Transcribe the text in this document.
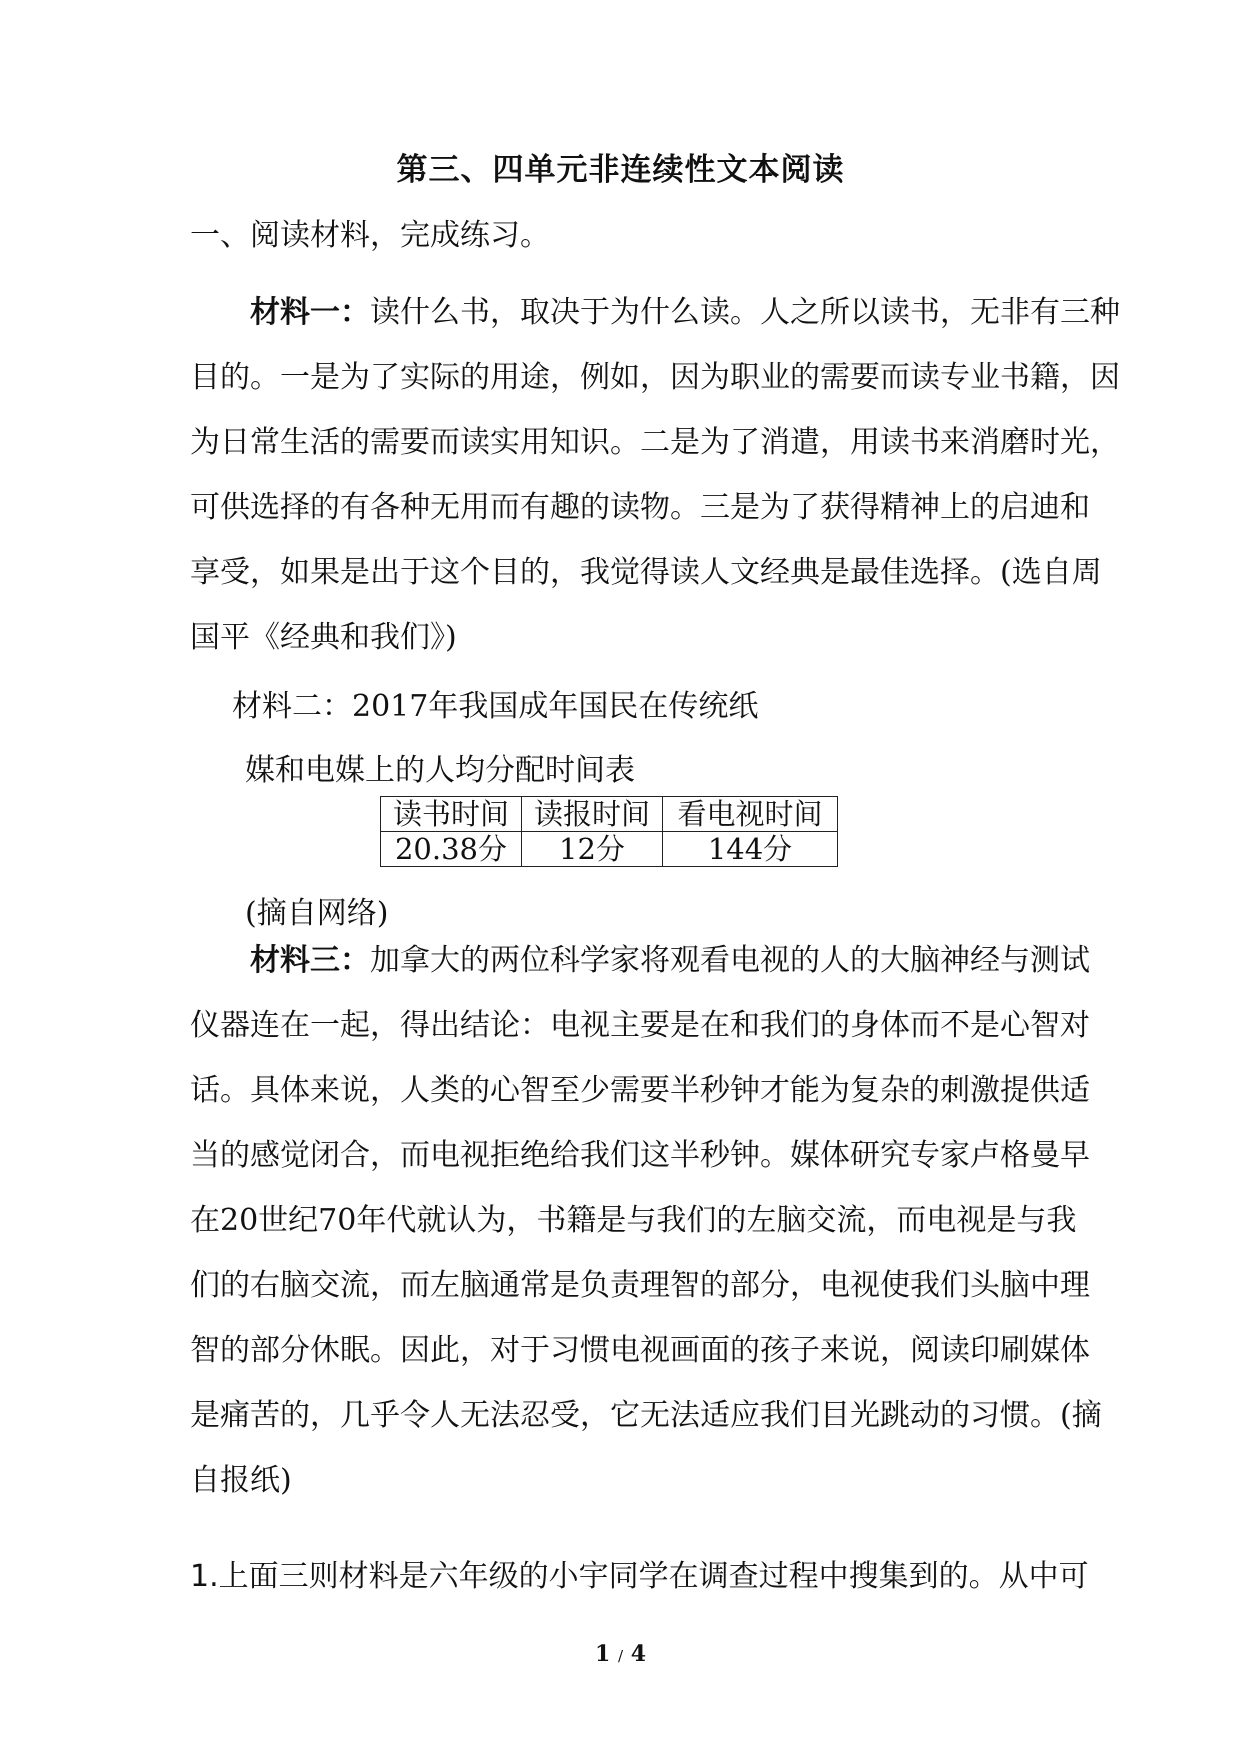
第三、四单元非连续性文本阅读
一、阅读材料，完成练习。

材料一：读什么书，取决于为什么读。人之所以读书，无非有三种

目的。一是为了实际的用途，例如，因为职业的需要而读专业书籍，因

为日常生活的需要而读实用知识。二是为了消遣，用读书来消磨时光，

可供选择的有各种无用而有趣的读物。三是为了获得精神上的启迪和

享受，如果是出于这个目的，我觉得读人文经典是最佳选择。(选自周

国平《经典和我们》)

材料二：2017年我国成年国民在传统纸
媒和电媒上的人均分配时间表
读书时间	读报时间	看电视时间
20.38分	12分	144分
(摘自网络)

材料三：加拿大的两位科学家将观看电视的人的大脑神经与测试

仪器连在一起，得出结论：电视主要是在和我们的身体而不是心智对

话。具体来说，人类的心智至少需要半秒钟才能为复杂的刺激提供适

当的感觉闭合，而电视拒绝给我们这半秒钟。媒体研究专家卢格曼早

在20世纪70年代就认为，书籍是与我们的左脑交流，而电视是与我

们的右脑交流，而左脑通常是负责理智的部分，电视使我们头脑中理

智的部分休眠。因此，对于习惯电视画面的孩子来说，阅读印刷媒体

是痛苦的，几乎令人无法忍受，它无法适应我们目光跳动的习惯。(摘

自报纸)

1.上面三则材料是六年级的小宇同学在调查过程中搜集到的。从中可
1 / 4
